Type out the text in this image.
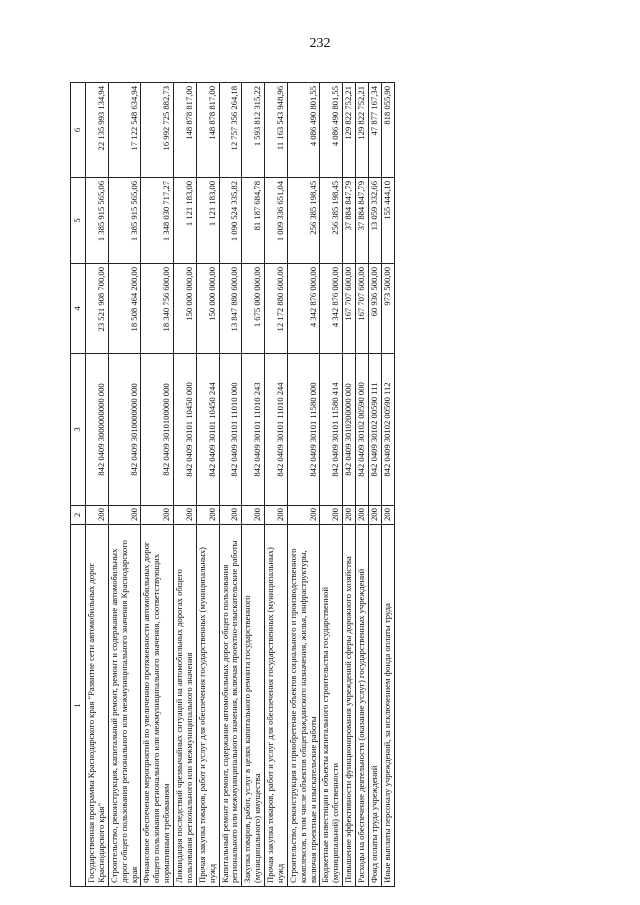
232
1	2	3	4	5	6
Государственная программа Краснодарского края "Развитие сети автомобильных дорог Краснодарского края"	200	842 0409 3000000000 000	23 521 908 700,00	1 385 915 565,06	22 135 993 134,94
Строительство, реконструкция, капитальный ремонт, ремонт и содержание автомобильных дорог общего пользования регионального или межмуниципального значения Краснодарского края	200	842 0409 3010000000 000	18 508 464 200,00	1 385 915 565,06	17 122 548 634,94
Финансовое обеспечение мероприятий по увеличению протяженности автомобильных дорог общего пользования регионального или межмуниципального значения, соответствующих нормативным требованиям	200	842 0409 3010100000 000	18 340 756 600,00	1 348 030 717,27	16 992 725 882,73
Ликвидация последствий чрезвычайных ситуаций на автомобильных дорогах общего пользования регионального или межмуниципального значения	200	842 0409 30101 10450 000	150 000 000,00	1 121 183,00	148 878 817,00
Прочая закупка товаров, работ и услуг для обеспечения государственных (муниципальных) нужд	200	842 0409 30101 10450 244	150 000 000,00	1 121 183,00	148 878 817,00
Капитальный ремонт и ремонт, содержание автомобильных дорог общего пользования регионального или межмуниципального значения, включая проектно-изыскательские работы	200	842 0409 30101 11010 000	13 847 880 600,00	1 090 524 335,82	12 757 356 264,18
Закупка товаров, работ, услуг в целях капитального ремонта государственного (муниципального) имущества	200	842 0409 30101 11010 243	1 675 000 000,00	81 187 684,78	1 593 812 315,22
Прочая закупка товаров, работ и услуг для обеспечения государственных (муниципальных) нужд	200	842 0409 30101 11010 244	12 172 880 600,00	1 009 336 651,04	11 163 543 948,96
Строительство, реконструкция и приобретение объектов социального и производственного комплексов, в том числе объектов общегражданского назначения, жилья, инфраструктуры, включая проектные и изыскательские работы	200	842 0409 30101 11580 000	4 342 876 000,00	256 385 198,45	4 086 490 801,55
Бюджетные инвестиции в объекты капитального строительства государственной (муниципальной) собственности	200	842 0409 30101 11580 414	4 342 876 000,00	256 385 198,45	4 086 490 801,55
Повышение эффективности функционирования учреждений сферы дорожного хозяйства	200	842 0409 3010200000 000	167 707 600,00	37 884 847,79	129 822 752,21
Расходы на обеспечение деятельности (оказание услуг) государственных учреждений	200	842 0409 30102 00590 000	167 707 600,00	37 884 847,79	129 822 752,21
Фонд оплаты труда учреждений	200	842 0409 30102 00590 111	60 936 500,00	13 059 332,66	47 877 167,34
Иные выплаты персоналу учреждений, за исключением фонда оплаты труда	200	842 0409 30102 00590 112	973 500,00	155 444,10	818 055,90
